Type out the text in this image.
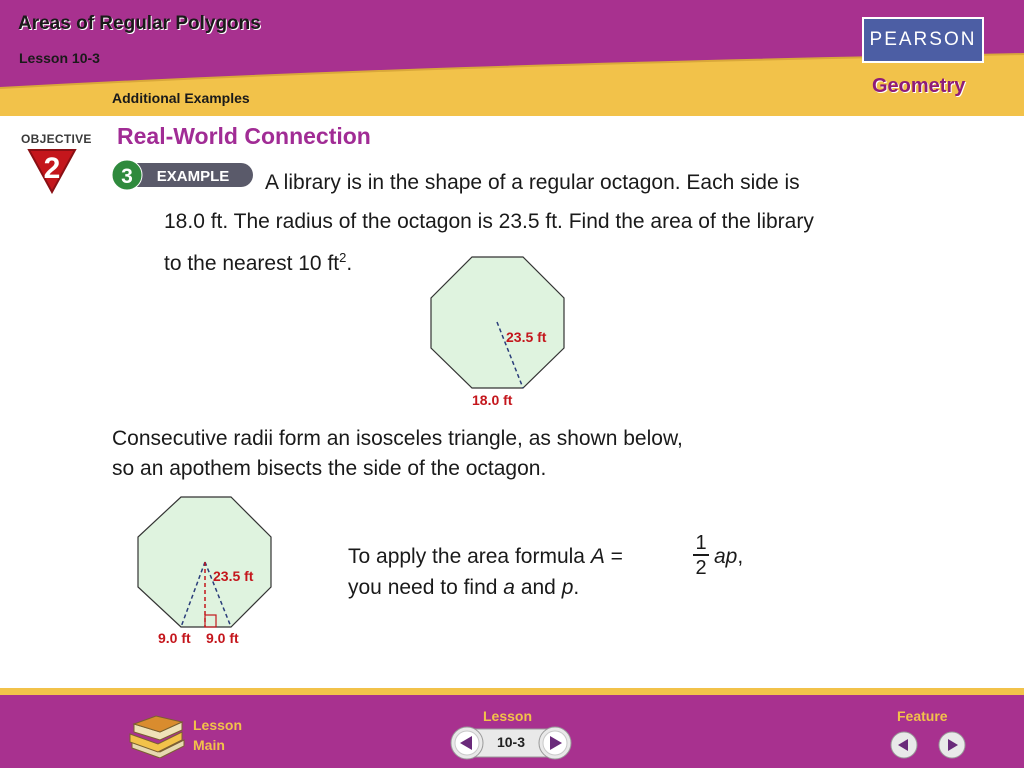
Areas of Regular Polygons
Lesson 10-3
Additional Examples
PEARSON
Geometry
OBJECTIVE
2
Real-World Connection
3 EXAMPLE A library is in the shape of a regular octagon. Each side is
18.0 ft. The radius of the octagon is 23.5 ft. Find the area of the library
to the nearest 10 $ft^2$.
23.5 ft
18.0 ft
Consecutive radii form an isosceles triangle, as shown below,
so an apothem bisects the side of the octagon.
23.5 ft
9.0 ft 9.0 ft
To apply the area formula A =
1
2 ap,
you need to find a and p.
Lesson
Main
Lesson
10-3
Feature
